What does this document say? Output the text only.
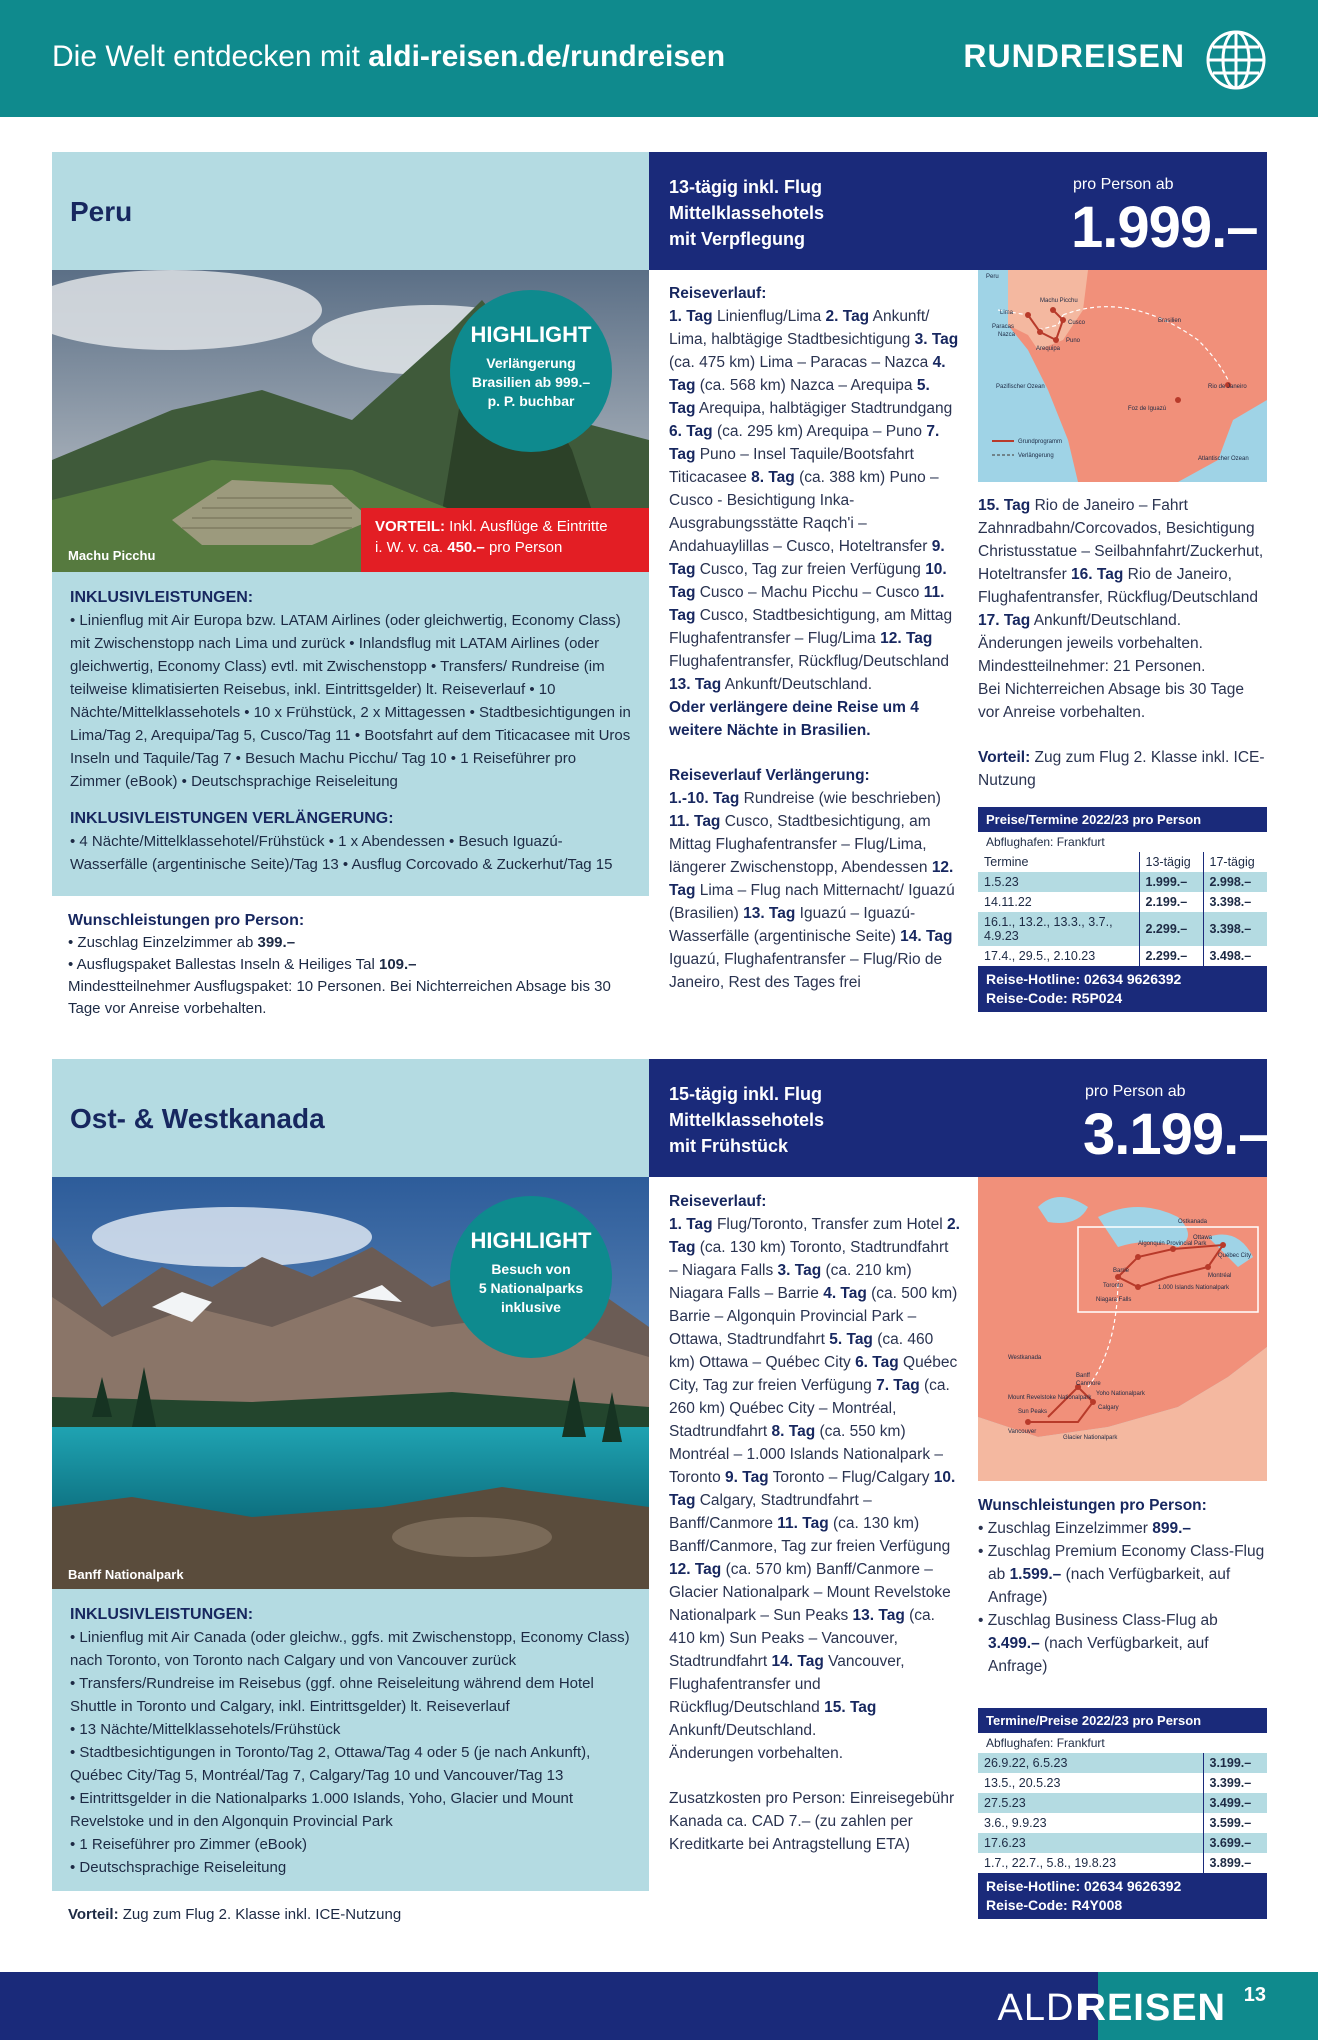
Die Welt entdecken mit aldi-reisen.de/rundreisen	RUNDREISEN
Peru
13-tägig inkl. Flug
Mittelklassehotels
mit Verpflegung
pro Person ab
1.999.–
Machu Picchu
HIGHLIGHT
Verlängerung
Brasilien ab 999.–
p. P. buchbar
VORTEIL: Inkl. Ausflüge & Eintritte
i. W. v. ca. 450.– pro Person
INKLUSIVLEISTUNGEN:
• Linienflug mit Air Europa bzw. LATAM Airlines (oder gleichwertig, Economy Class) mit Zwischenstopp nach Lima und zurück • Inlandsflug mit LATAM Airlines (oder gleichwertig, Economy Class) evtl. mit Zwischenstopp • Transfers/ Rundreise (im teilweise klimatisierten Reisebus, inkl. Eintrittsgelder) lt. Reiseverlauf • 10 Nächte/Mittelklassehotels • 10 x Frühstück, 2 x Mittagessen • Stadtbesichtigungen in Lima/Tag 2, Arequipa/Tag 5, Cusco/Tag 11 • Bootsfahrt auf dem Titicacasee mit Uros Inseln und Taquile/Tag 7 • Besuch Machu Picchu/ Tag 10 • 1 Reiseführer pro Zimmer (eBook) • Deutschsprachige Reiseleitung
INKLUSIVLEISTUNGEN VERLÄNGERUNG:
• 4 Nächte/Mittelklassehotel/Frühstück • 1 x Abendessen • Besuch Iguazú-Wasserfälle (argentinische Seite)/Tag 13 • Ausflug Corcovado & Zuckerhut/Tag 15
Wunschleistungen pro Person:
• Zuschlag Einzelzimmer ab 399.–
• Ausflugspaket Ballestas Inseln & Heiliges Tal 109.–
Mindestteilnehmer Ausflugspaket: 10 Personen. Bei Nichterreichen Absage bis 30 Tage vor Anreise vorbehalten.
Reiseverlauf:
1. Tag Linienflug/Lima 2. Tag Ankunft/ Lima, halbtägige Stadtbesichtigung 3. Tag (ca. 475 km) Lima – Paracas – Nazca 4. Tag (ca. 568 km) Nazca – Arequipa 5. Tag Arequipa, halbtägiger Stadtrundgang 6. Tag (ca. 295 km) Arequipa – Puno 7. Tag Puno – Insel Taquile/Bootsfahrt Titicacasee 8. Tag (ca. 388 km) Puno – Cusco - Besichtigung Inka-Ausgrabungsstätte Raqch'i – Andahuaylillas – Cusco, Hoteltransfer 9. Tag Cusco, Tag zur freien Verfügung 10. Tag Cusco – Machu Picchu – Cusco 11. Tag Cusco, Stadtbesichtigung, am Mittag Flughafentransfer – Flug/Lima 12. Tag Flughafentransfer, Rückflug/Deutschland 13. Tag Ankunft/Deutschland.
Oder verlängere deine Reise um 4 weitere Nächte in Brasilien.
Reiseverlauf Verlängerung:
1.-10. Tag Rundreise (wie beschrieben) 11. Tag Cusco, Stadtbesichtigung, am Mittag Flughafentransfer – Flug/Lima, längerer Zwischenstopp, Abendessen 12. Tag Lima – Flug nach Mitternacht/ Iguazú (Brasilien) 13. Tag Iguazú – Iguazú-Wasserfälle (argentinische Seite) 14. Tag Iguazú, Flughafentransfer – Flug/Rio de Janeiro, Rest des Tages frei
Peru
Lima
Machu Picchu
Cusco
Paracas
Nazca
Arequipa
Puno
Brasilien
Rio de Janeiro
Foz de Iguazú
Pazifischer Ozean
Atlantischer Ozean
Grundprogramm
Verlängerung
15. Tag Rio de Janeiro – Fahrt Zahnradbahn/Corcovados, Besichtigung Christusstatue – Seilbahnfahrt/Zuckerhut, Hoteltransfer 16. Tag Rio de Janeiro, Flughafentransfer, Rückflug/Deutschland 17. Tag Ankunft/Deutschland.
Änderungen jeweils vorbehalten.
Mindestteilnehmer: 21 Personen.
Bei Nichterreichen Absage bis 30 Tage vor Anreise vorbehalten.
Vorteil: Zug zum Flug 2. Klasse inkl. ICE-Nutzung
Preise/Termine 2022/23 pro Person
Abflughafen: Frankfurt
Termine	13-tägig	17-tägig
1.5.23	1.999.–	2.998.–
14.11.22	2.199.–	3.398.–
16.1., 13.2., 13.3., 3.7., 4.9.23	2.299.–	3.398.–
17.4., 29.5., 2.10.23	2.299.–	3.498.–
Reise-Hotline: 02634 9626392
Reise-Code: R5P024
Ost- & Westkanada
15-tägig inkl. Flug
Mittelklassehotels
mit Frühstück
pro Person ab
3.199.–
Banff Nationalpark
HIGHLIGHT
Besuch von
5 Nationalparks
inklusive
INKLUSIVLEISTUNGEN:
• Linienflug mit Air Canada (oder gleichw., ggfs. mit Zwischenstopp, Economy Class) nach Toronto, von Toronto nach Calgary und von Vancouver zurück
• Transfers/Rundreise im Reisebus (ggf. ohne Reiseleitung während dem Hotel Shuttle in Toronto und Calgary, inkl. Eintrittsgelder) lt. Reiseverlauf
• 13 Nächte/Mittelklassehotels/Frühstück
• Stadtbesichtigungen in Toronto/Tag 2, Ottawa/Tag 4 oder 5 (je nach Ankunft), Québec City/Tag 5, Montréal/Tag 7, Calgary/Tag 10 und Vancouver/Tag 13
• Eintrittsgelder in die Nationalparks 1.000 Islands, Yoho, Glacier und Mount Revelstoke und in den Algonquin Provincial Park
• 1 Reiseführer pro Zimmer (eBook)
• Deutschsprachige Reiseleitung
Vorteil: Zug zum Flug 2. Klasse inkl. ICE-Nutzung
Reiseverlauf:
1. Tag Flug/Toronto, Transfer zum Hotel 2. Tag (ca. 130 km) Toronto, Stadtrundfahrt – Niagara Falls 3. Tag (ca. 210 km) Niagara Falls – Barrie 4. Tag (ca. 500 km) Barrie – Algonquin Provincial Park – Ottawa, Stadtrundfahrt 5. Tag (ca. 460 km) Ottawa – Québec City 6. Tag Québec City, Tag zur freien Verfügung 7. Tag (ca. 260 km) Québec City – Montréal, Stadtrundfahrt 8. Tag (ca. 550 km) Montréal – 1.000 Islands Nationalpark – Toronto 9. Tag Toronto – Flug/Calgary 10. Tag Calgary, Stadtrundfahrt – Banff/Canmore 11. Tag (ca. 130 km) Banff/Canmore, Tag zur freien Verfügung 12. Tag (ca. 570 km) Banff/Canmore – Glacier Nationalpark – Mount Revelstoke Nationalpark – Sun Peaks 13. Tag (ca. 410 km) Sun Peaks – Vancouver, Stadtrundfahrt 14. Tag Vancouver, Flughafentransfer und Rückflug/Deutschland 15. Tag Ankunft/Deutschland.
Änderungen vorbehalten.
Zusatzkosten pro Person: Einreisegebühr Kanada ca. CAD 7.– (zu zahlen per Kreditkarte bei Antragstellung ETA)
Ostkanada
Algonquin Provincial Park
Ottawa
Québec City
Barrie
Toronto
Montréal
1.000 Islands Nationalpark
Niagara Falls
Westkanada
Banff
Canmore
Mount Revelstoke Nationalpark
Sun Peaks
Vancouver
Yoho Nationalpark
Calgary
Glacier Nationalpark
Wunschleistungen pro Person:
• Zuschlag Einzelzimmer 899.–
• Zuschlag Premium Economy Class-Flug ab 1.599.– (nach Verfügbarkeit, auf Anfrage)
• Zuschlag Business Class-Flug ab 3.499.– (nach Verfügbarkeit, auf Anfrage)
Termine/Preise 2022/23 pro Person
Abflughafen: Frankfurt
26.9.22, 6.5.23	3.199.–
13.5., 20.5.23	3.399.–
27.5.23	3.499.–
3.6., 9.9.23	3.599.–
17.6.23	3.699.–
1.7., 22.7., 5.8., 19.8.23	3.899.–
Reise-Hotline: 02634 9626392
Reise-Code: R4Y008
ALDI
REISEN 13
